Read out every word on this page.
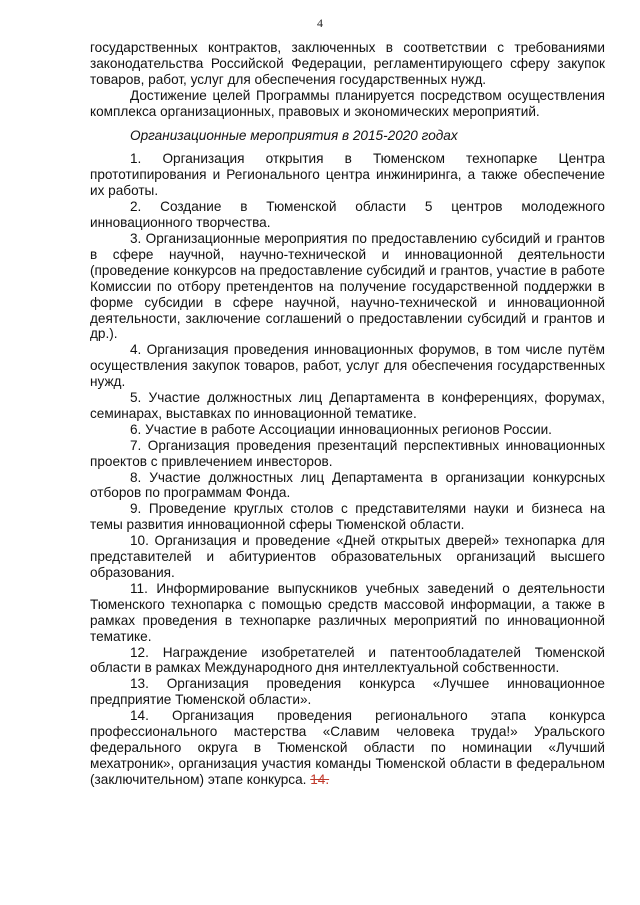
4

государственных контрактов, заключенных в соответствии с требованиями законодательства Российской Федерации, регламентирующего сферу закупок товаров, работ, услуг для обеспечения государственных нужд.

Достижение целей Программы планируется посредством осуществления комплекса организационных, правовых и экономических мероприятий.

Организационные мероприятия в 2015-2020 годах

1. Организация открытия в Тюменском технопарке Центра прототипирования и Регионального центра инжиниринга, а также обеспечение их работы.

2. Создание в Тюменской области 5 центров молодежного инновационного творчества.

3. Организационные мероприятия по предоставлению субсидий и грантов в сфере научной, научно-технической и инновационной деятельности (проведение конкурсов на предоставление субсидий и грантов, участие в работе Комиссии по отбору претендентов на получение государственной поддержки в форме субсидии в сфере научной, научно-технической и инновационной деятельности, заключение соглашений о предоставлении субсидий и грантов и др.).

4. Организация проведения инновационных форумов, в том числе путём осуществления закупок товаров, работ, услуг для обеспечения государственных нужд.

5. Участие должностных лиц Департамента в конференциях, форумах, семинарах, выставках по инновационной тематике.

6. Участие в работе Ассоциации инновационных регионов России.

7. Организация проведения презентаций перспективных инновационных проектов с привлечением инвесторов.

8. Участие должностных лиц Департамента в организации конкурсных отборов по программам Фонда.

9. Проведение круглых столов с представителями науки и бизнеса на темы развития инновационной сферы Тюменской области.

10. Организация и проведение «Дней открытых дверей» технопарка для представителей и абитуриентов образовательных организаций высшего образования.

11. Информирование выпускников учебных заведений о деятельности Тюменского технопарка с помощью средств массовой информации, а также в рамках проведения в технопарке различных мероприятий по инновационной тематике.

12. Награждение изобретателей и патентообладателей Тюменской области в рамках Международного дня интеллектуальной собственности.

13. Организация проведения конкурса «Лучшее инновационное предприятие Тюменской области».

14. Организация проведения регионального этапа конкурса профессионального мастерства «Славим человека труда!» Уральского федерального округа в Тюменской области по номинации «Лучший мехатроник», организация участия команды Тюменской области в федеральном (заключительном) этапе конкурса. 14.
